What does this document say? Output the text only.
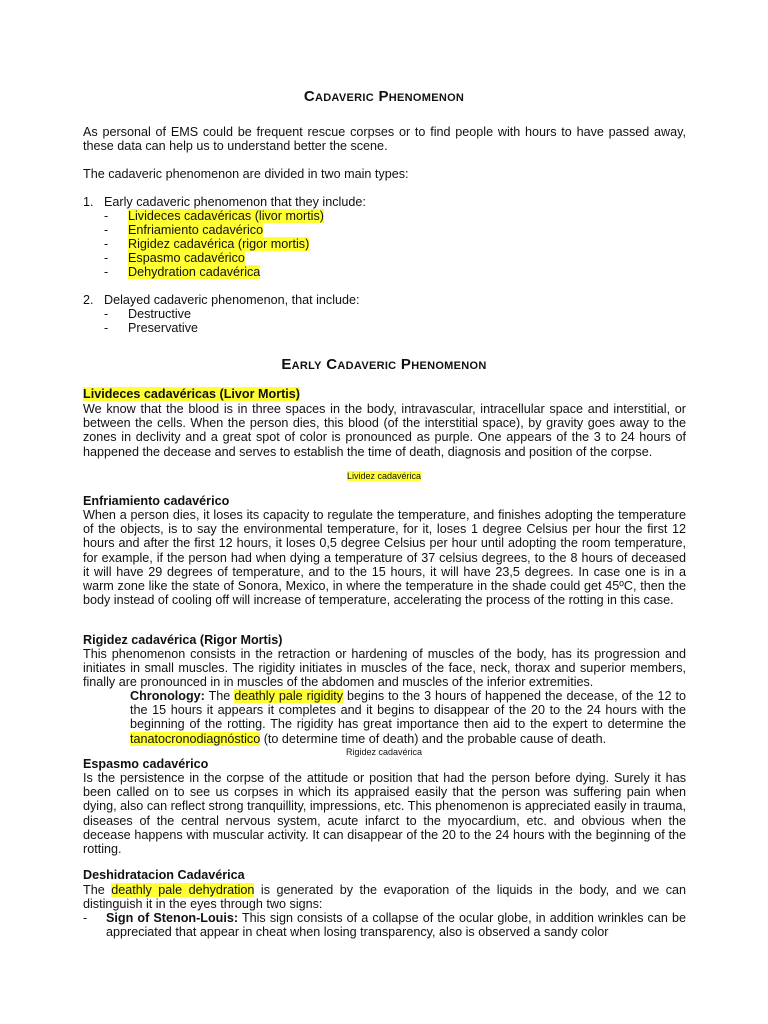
Cadaveric Phenomenon
As personal of EMS could be frequent rescue corpses or to find people with hours to have passed away, these data can help us to understand better the scene.
The cadaveric phenomenon are divided in two main types:
1. Early cadaveric phenomenon that they include:
- Livideces cadavéricas (livor mortis)
- Enfriamiento cadavérico
- Rigidez cadavérica (rigor mortis)
- Espasmo cadavérico
- Dehydration cadavérica
2. Delayed cadaveric phenomenon, that include:
- Destructive
- Preservative
Early Cadaveric Phenomenon
Livideces cadavéricas (Livor Mortis)
We know that the blood is in three spaces in the body, intravascular, intracellular space and interstitial, or between the cells. When the person dies, this blood (of the interstitial space), by gravity goes away to the zones in declivity and a great spot of color is pronounced as purple. One appears of the 3 to 24 hours of happened the decease and serves to establish the time of death, diagnosis and position of the corpse.
Lividez cadavérica
Enfriamiento cadavérico
When a person dies, it loses its capacity to regulate the temperature, and finishes adopting the temperature of the objects, is to say the environmental temperature, for it, loses 1 degree Celsius per hour the first 12 hours and after the first 12 hours, it loses 0,5 degree Celsius per hour until adopting the room temperature, for example, if the person had when dying a temperature of 37 celsius degrees, to the 8 hours of deceased it will have 29 degrees of temperature, and to the 15 hours, it will have 23,5 degrees. In case one is in a warm zone like the state of Sonora, Mexico, in where the temperature in the shade could get 45ºC, then the body instead of cooling off will increase of temperature, accelerating the process of the rotting in this case.
Rigidez cadavérica (Rigor Mortis)
This phenomenon consists in the retraction or hardening of muscles of the body, has its progression and initiates in small muscles. The rigidity initiates in muscles of the face, neck, thorax and superior members, finally are pronounced in in muscles of the abdomen and muscles of the inferior extremities.
Chronology: The deathly pale rigidity begins to the 3 hours of happened the decease, of the 12 to the 15 hours it appears it completes and it begins to disappear of the 20 to the 24 hours with the beginning of the rotting. The rigidity has great importance then aid to the expert to determine the tanatocronodiagnóstico (to determine time of death) and the probable cause of death.
Rigidez cadavérica
Espasmo cadavérico
Is the persistence in the corpse of the attitude or position that had the person before dying. Surely it has been called on to see us corpses in which its appraised easily that the person was suffering pain when dying, also can reflect strong tranquillity, impressions, etc. This phenomenon is appreciated easily in trauma, diseases of the central nervous system, acute infarct to the myocardium, etc. and obvious when the decease happens with muscular activity. It can disappear of the 20 to the 24 hours with the beginning of the rotting.
Deshidratacion Cadavérica
The deathly pale dehydration is generated by the evaporation of the liquids in the body, and we can distinguish it in the eyes through two signs:
- Sign of Stenon-Louis: This sign consists of a collapse of the ocular globe, in addition wrinkles can be appreciated that appear in cheat when losing transparency, also is observed a sandy color
